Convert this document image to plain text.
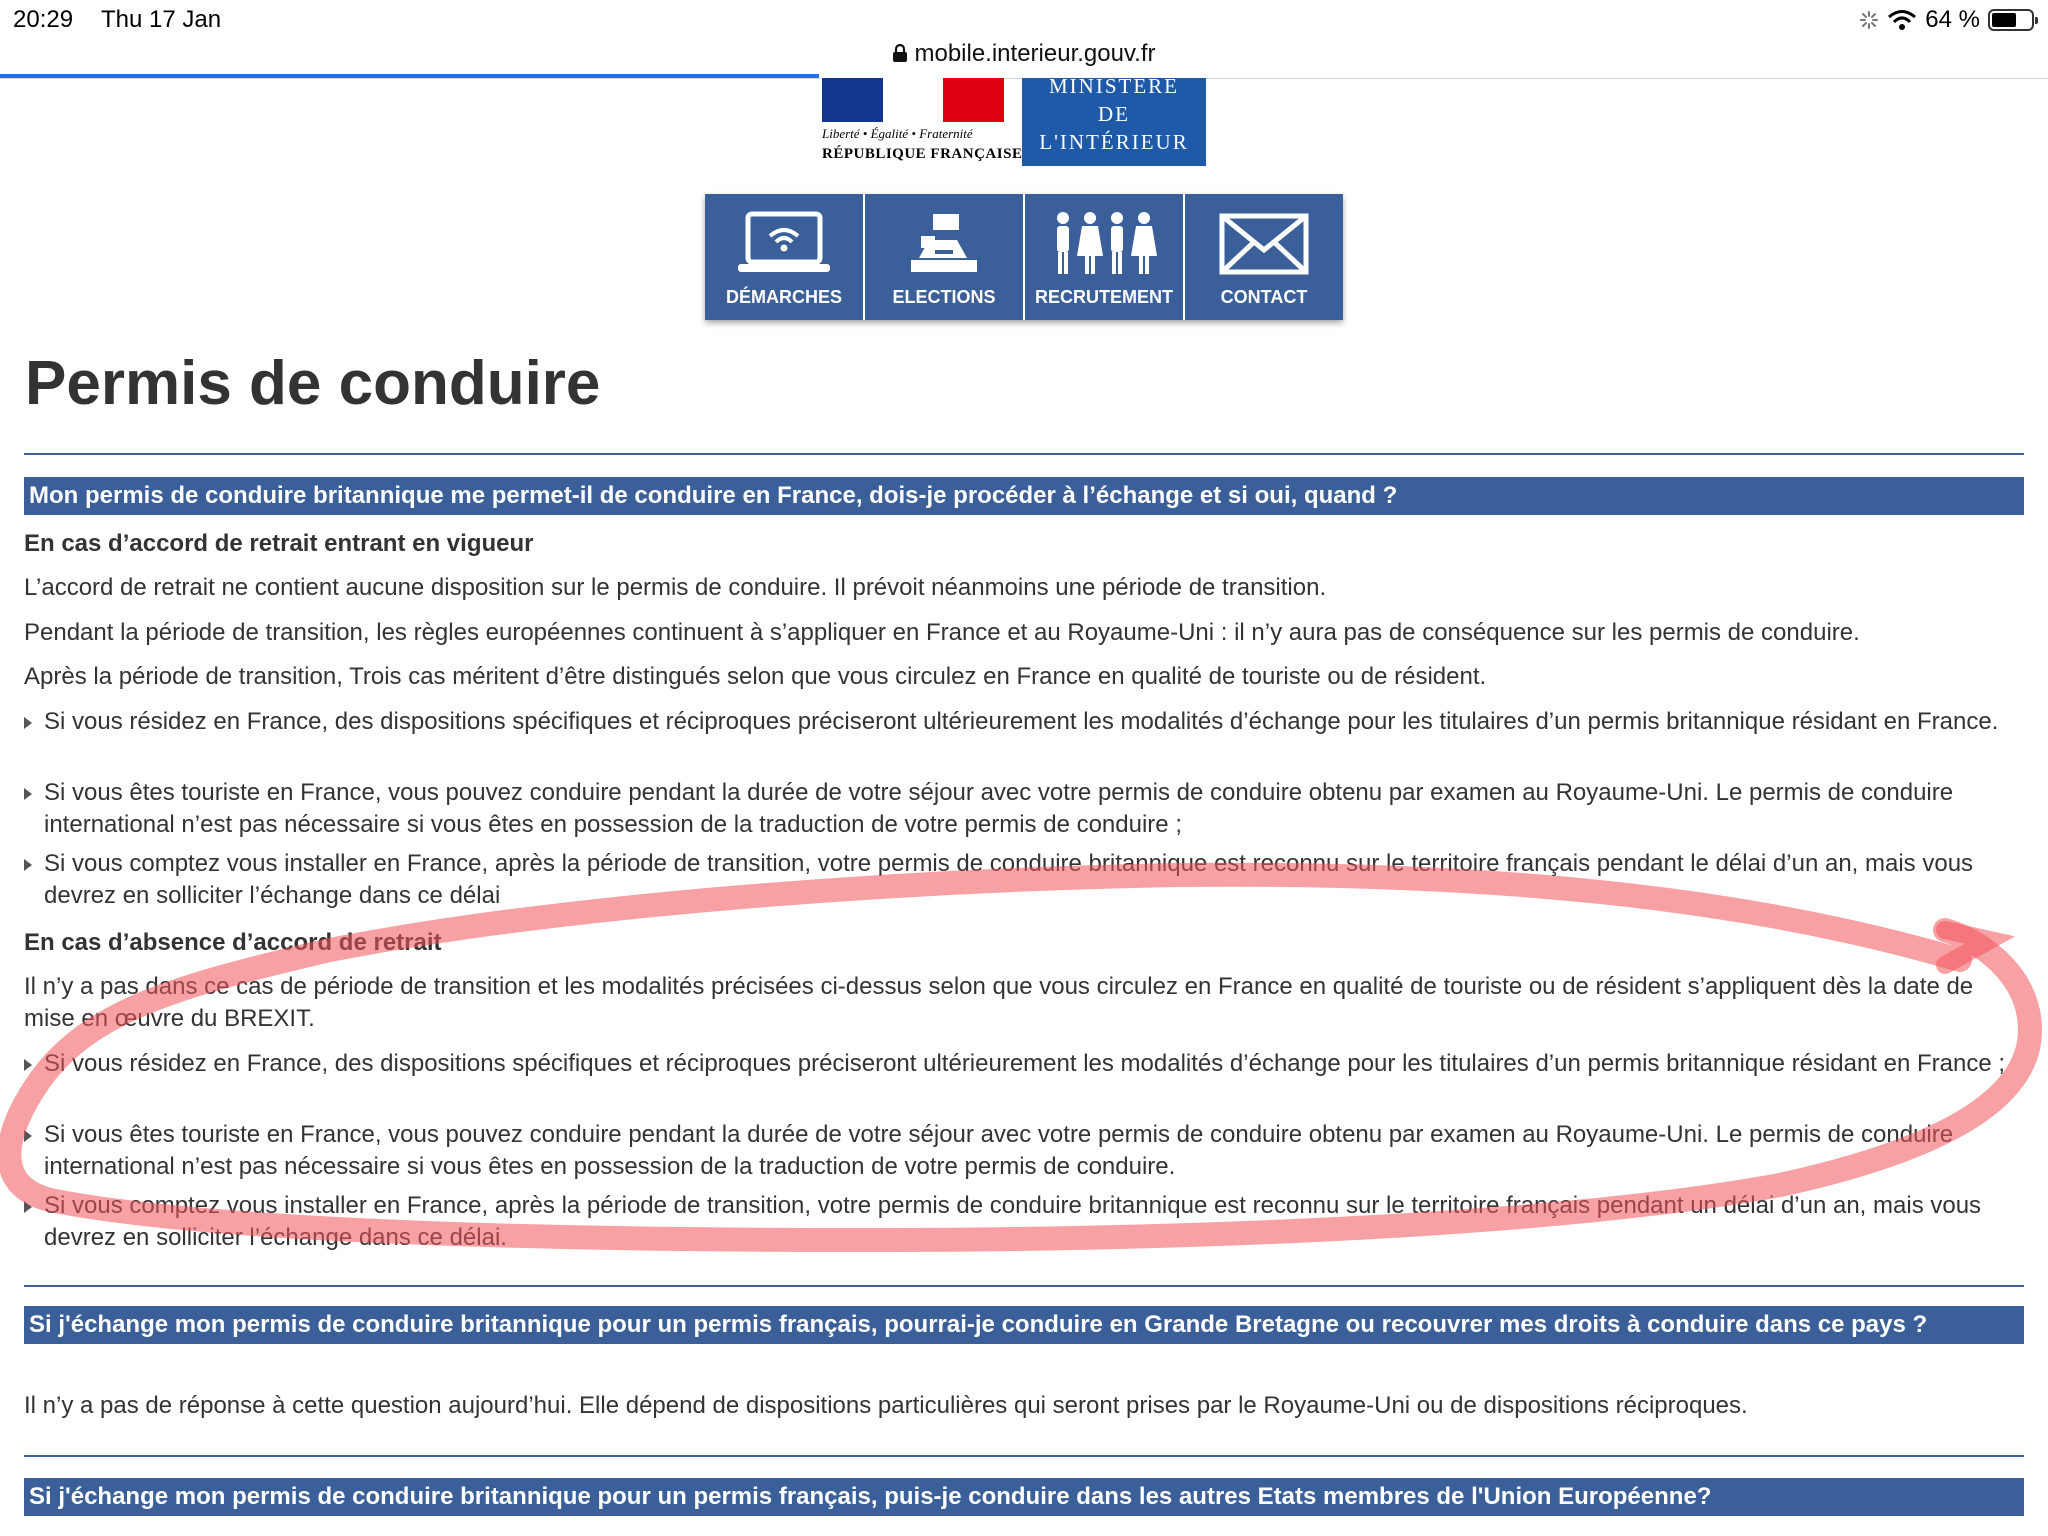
20:29 Thu 17 Jan	64 %
mobile.interieur.gouv.fr
Liberté • Égalité • Fraternité
RÉPUBLIQUE FRANÇAISE
MINISTÈRE
DE
L'INTÉRIEUR
DÉMARCHES	ELECTIONS	RECRUTEMENT	CONTACT
Permis de conduire
Mon permis de conduire britannique me permet-il de conduire en France, dois-je procéder à l’échange et si oui, quand ?
En cas d’accord de retrait entrant en vigueur
L’accord de retrait ne contient aucune disposition sur le permis de conduire. Il prévoit néanmoins une période de transition.
Pendant la période de transition, les règles européennes continuent à s’appliquer en France et au Royaume-Uni : il n’y aura pas de conséquence sur les permis de conduire.
Après la période de transition, Trois cas méritent d’être distingués selon que vous circulez en France en qualité de touriste ou de résident.
Si vous résidez en France, des dispositions spécifiques et réciproques préciseront ultérieurement les modalités d’échange pour les titulaires d’un permis britannique résidant en France.
Si vous êtes touriste en France, vous pouvez conduire pendant la durée de votre séjour avec votre permis de conduire obtenu par examen au Royaume-Uni. Le permis de conduire international n’est pas nécessaire si vous êtes en possession de la traduction de votre permis de conduire ;
Si vous comptez vous installer en France, après la période de transition, votre permis de conduire britannique est reconnu sur le territoire français pendant le délai d’un an, mais vous devrez en solliciter l’échange dans ce délai
En cas d’absence d’accord de retrait
Il n’y a pas dans ce cas de période de transition et les modalités précisées ci-dessus selon que vous circulez en France en qualité de touriste ou de résident s’appliquent dès la date de mise en œuvre du BREXIT.
Si vous résidez en France, des dispositions spécifiques et réciproques préciseront ultérieurement les modalités d’échange pour les titulaires d’un permis britannique résidant en France ;
Si vous êtes touriste en France, vous pouvez conduire pendant la durée de votre séjour avec votre permis de conduire obtenu par examen au Royaume-Uni. Le permis de conduire international n’est pas nécessaire si vous êtes en possession de la traduction de votre permis de conduire.
Si vous comptez vous installer en France, après la période de transition, votre permis de conduire britannique est reconnu sur le territoire français pendant un délai d’un an, mais vous devrez en solliciter l’échange dans ce délai.
Si j'échange mon permis de conduire britannique pour un permis français, pourrai-je conduire en Grande Bretagne ou recouvrer mes droits à conduire dans ce pays ?
Il n’y a pas de réponse à cette question aujourd’hui. Elle dépend de dispositions particulières qui seront prises par le Royaume-Uni ou de dispositions réciproques.
Si j'échange mon permis de conduire britannique pour un permis français, puis-je conduire dans les autres Etats membres de l'Union Européenne?
